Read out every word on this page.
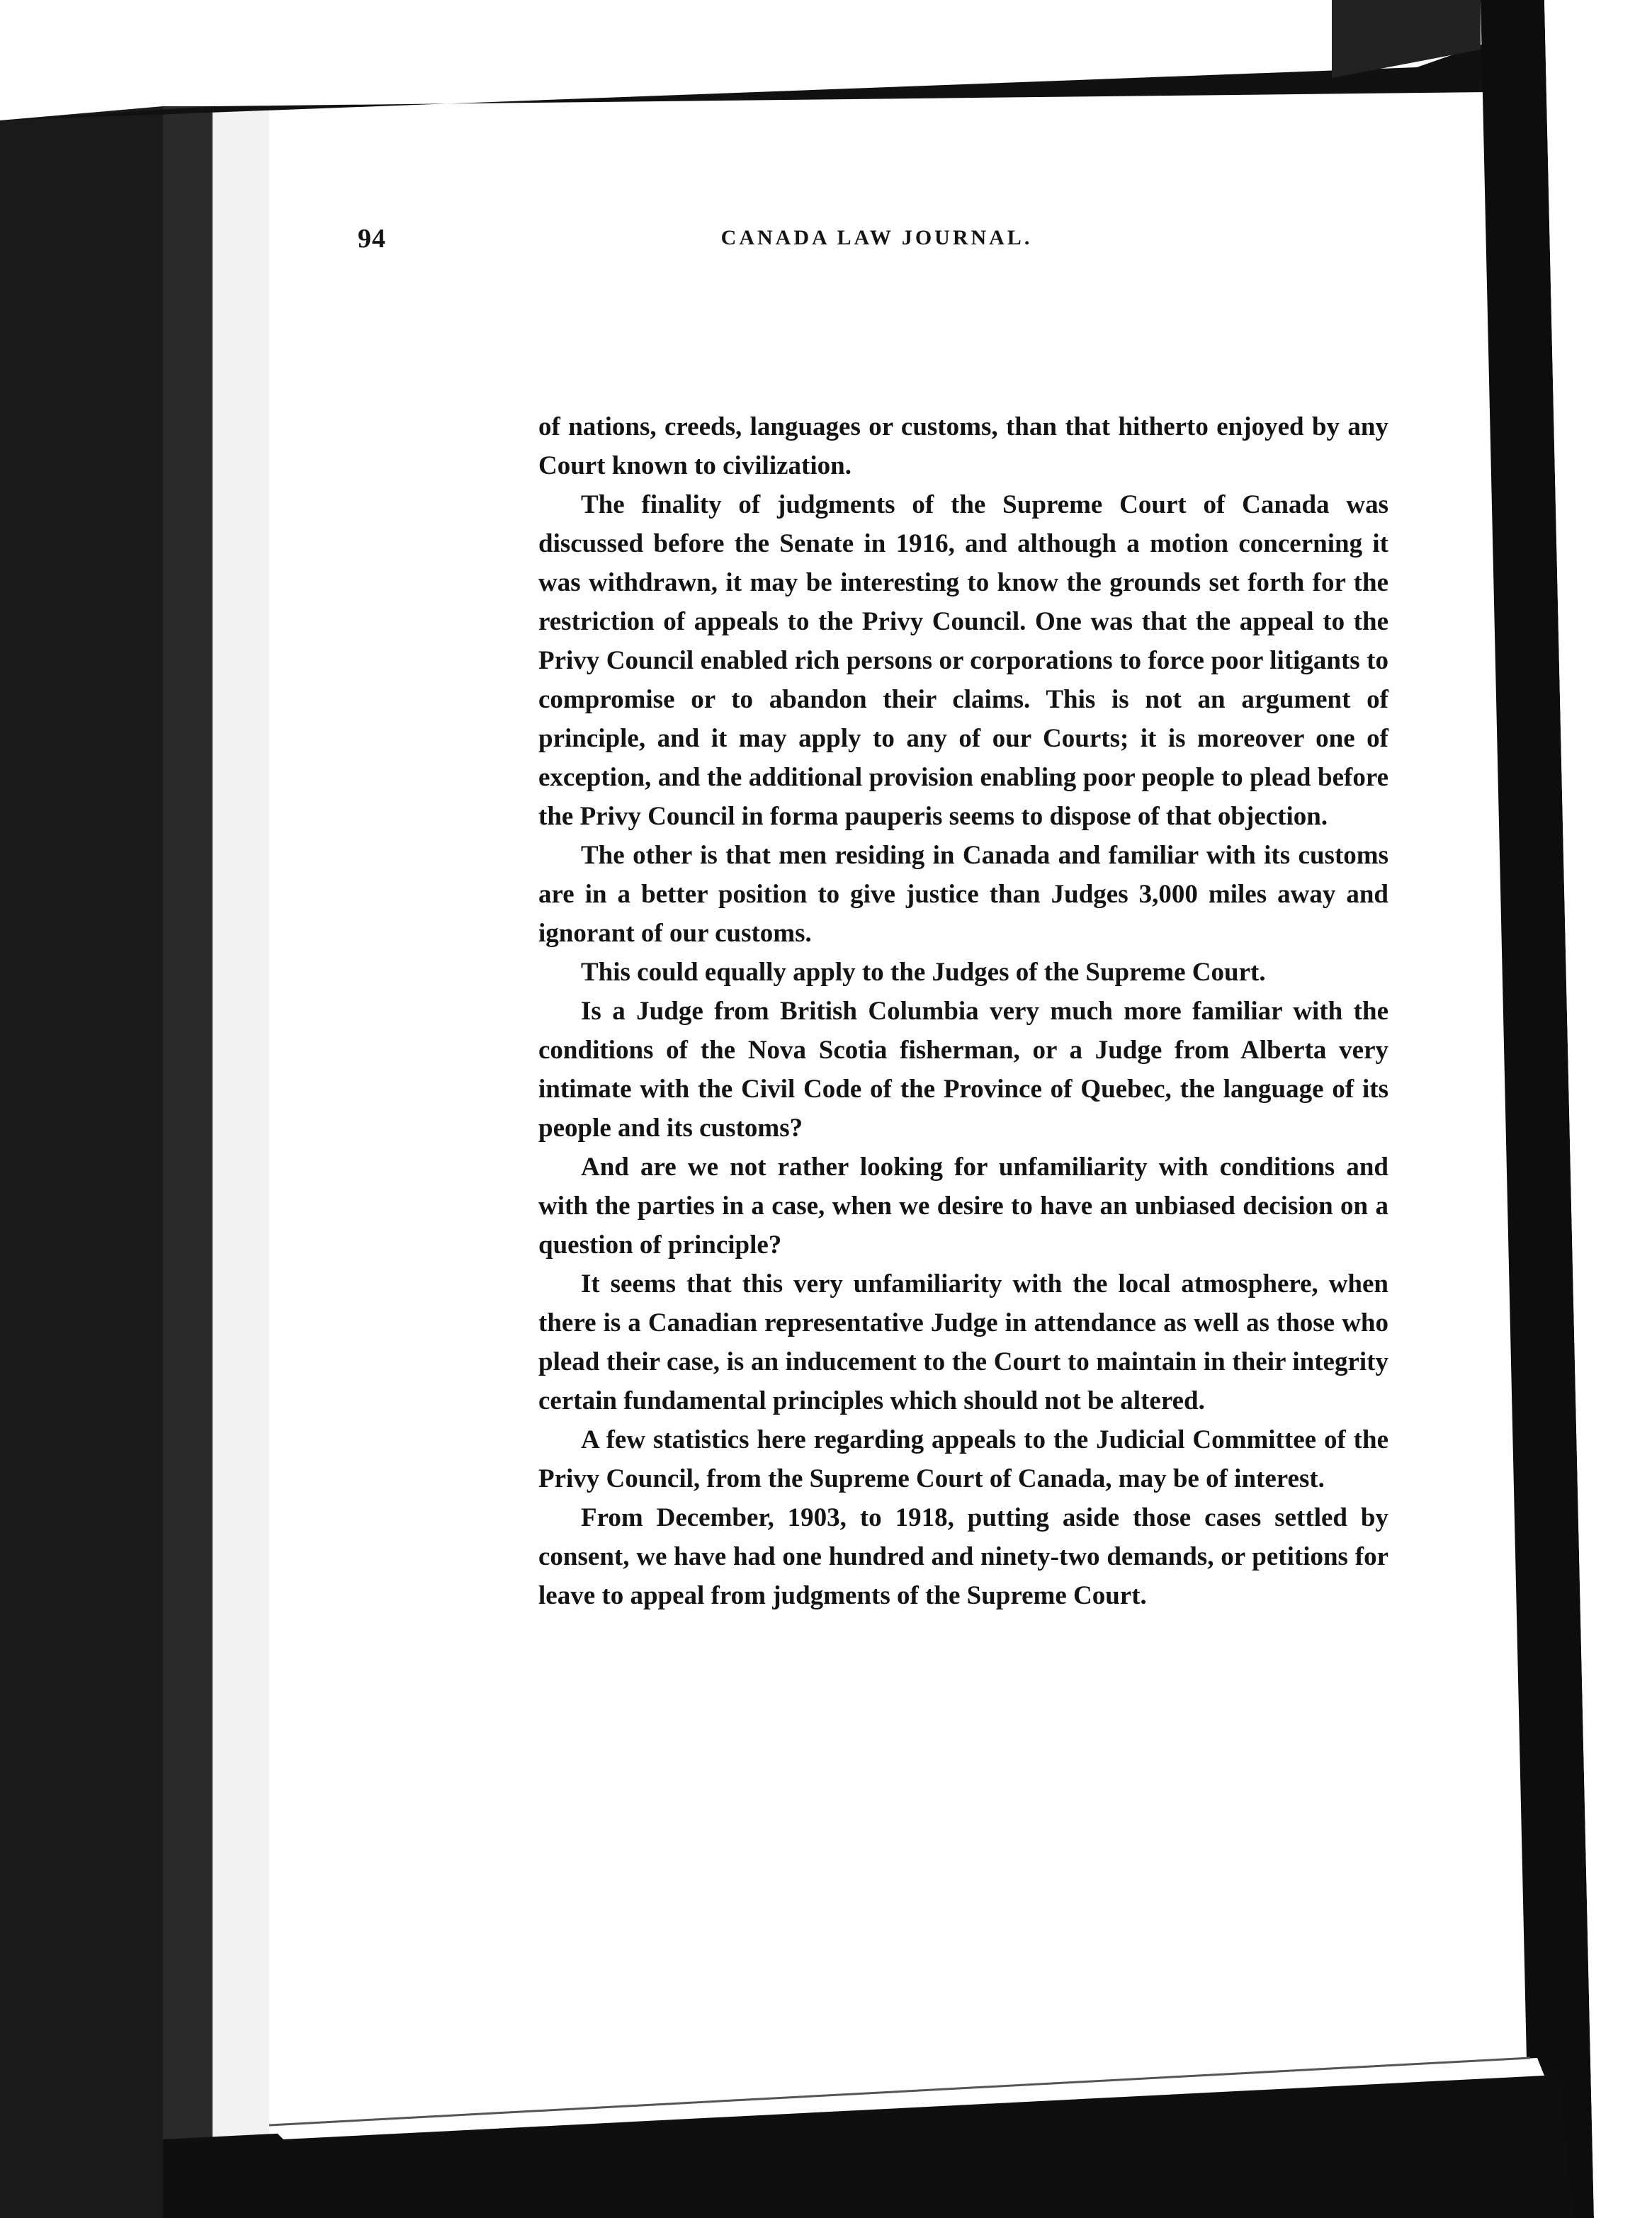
94	CANADA LAW JOURNAL.

of nations, creeds, languages or customs, than that hitherto enjoyed by any Court known to civilization.

The finality of judgments of the Supreme Court of Canada was discussed before the Senate in 1916, and although a motion concerning it was withdrawn, it may be interesting to know the grounds set forth for the restriction of appeals to the Privy Council. One was that the appeal to the Privy Council enabled rich persons or corporations to force poor litigants to compromise or to abandon their claims. This is not an argument of principle, and it may apply to any of our Courts; it is moreover one of exception, and the additional provision enabling poor people to plead before the Privy Council in forma pauperis seems to dispose of that objection.

The other is that men residing in Canada and familiar with its customs are in a better position to give justice than Judges 3,000 miles away and ignorant of our customs.

This could equally apply to the Judges of the Supreme Court.

Is a Judge from British Columbia very much more familiar with the conditions of the Nova Scotia fisherman, or a Judge from Alberta very intimate with the Civil Code of the Province of Quebec, the language of its people and its customs?

And are we not rather looking for unfamiliarity with conditions and with the parties in a case, when we desire to have an unbiased decision on a question of principle?

It seems that this very unfamiliarity with the local atmosphere, when there is a Canadian representative Judge in attendance as well as those who plead their case, is an inducement to the Court to maintain in their integrity certain fundamental principles which should not be altered.

A few statistics here regarding appeals to the Judicial Committee of the Privy Council, from the Supreme Court of Canada, may be of interest.

From December, 1903, to 1918, putting aside those cases settled by consent, we have had one hundred and ninety-two demands, or petitions for leave to appeal from judgments of the Supreme Court.
